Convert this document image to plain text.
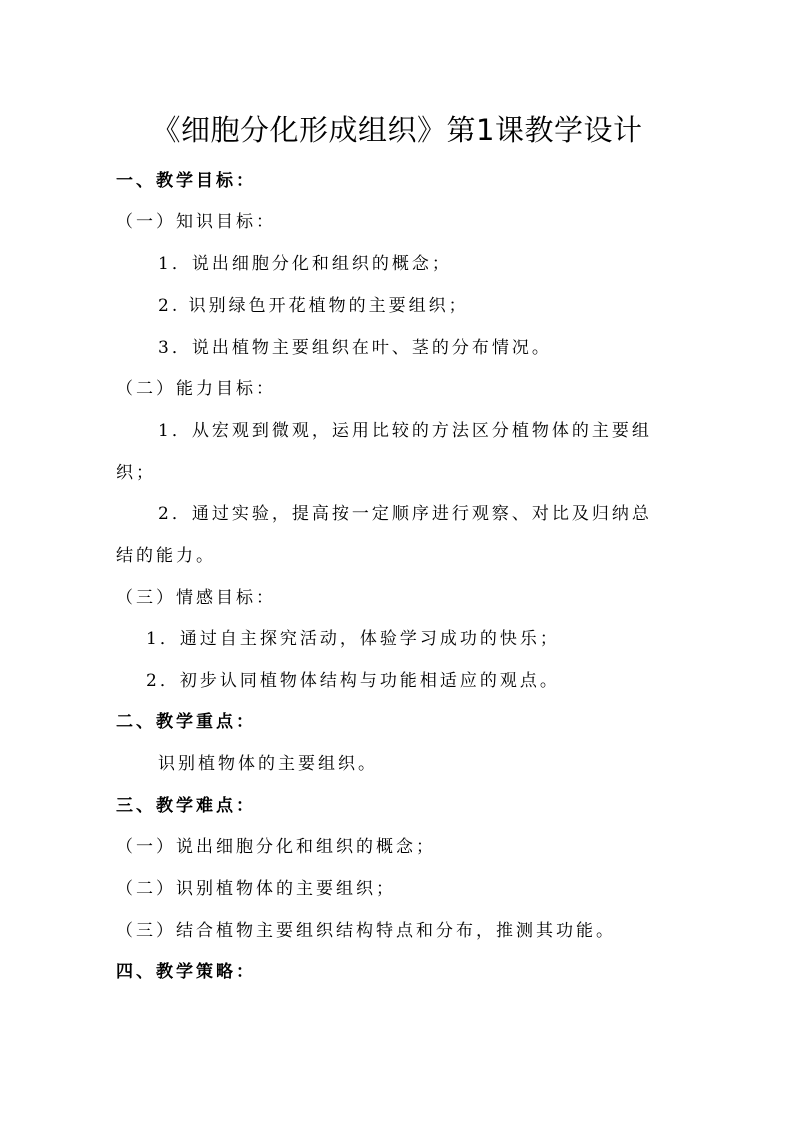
《细胞分化形成组织》第1课教学设计
一、教学目标：
（一）知识目标：
1．说出细胞分化和组织的概念；
2. 识别绿色开花植物的主要组织；
3．说出植物主要组织在叶、茎的分布情况。
（二）能力目标：
1．从宏观到微观，运用比较的方法区分植物体的主要组
织；
2．通过实验，提高按一定顺序进行观察、对比及归纳总
结的能力。
（三）情感目标：
1．通过自主探究活动，体验学习成功的快乐；
2．初步认同植物体结构与功能相适应的观点。
二、教学重点：
识别植物体的主要组织。
三、教学难点：
（一）说出细胞分化和组织的概念；
（二）识别植物体的主要组织；
（三）结合植物主要组织结构特点和分布，推测其功能。
四、教学策略：
